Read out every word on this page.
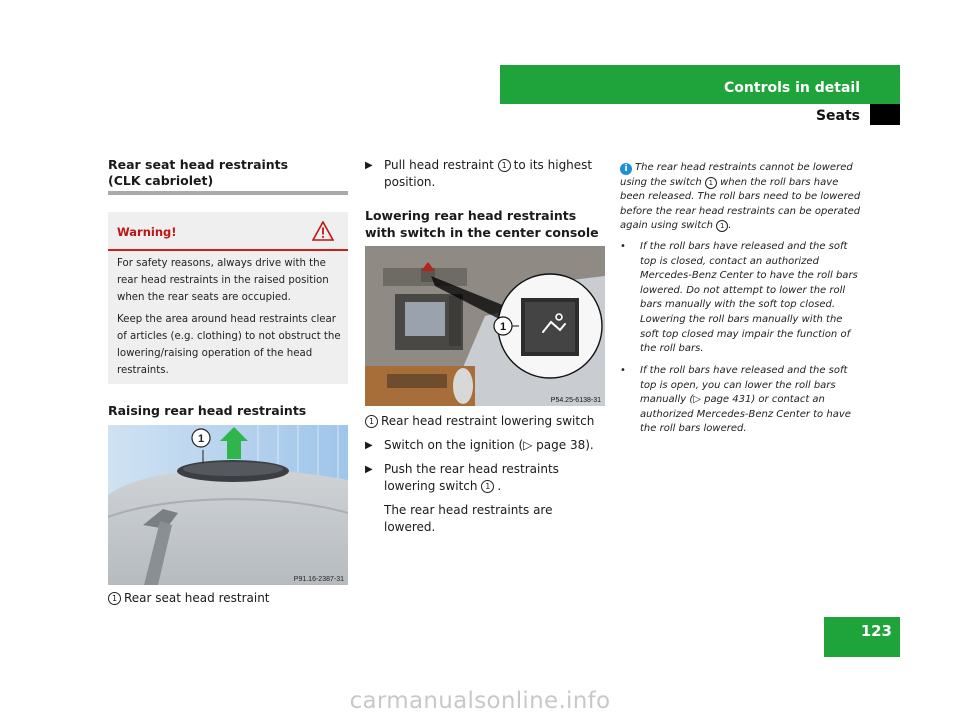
Controls in detail
Seats
123
Rear seat head restraints
(CLK cabriolet)
Warning!
For safety reasons, always drive with the rear head restraints in the raised position when the rear seats are occupied.
Keep the area around head restraints clear of articles (e.g. clothing) to not obstruct the lowering/raising operation of the head restraints.
Raising rear head restraints
1
P91.16-2387-31
1 Rear seat head restraint
▶ Pull head restraint 1 to its highest position.
Lowering rear head restraints with switch in the center console
1
P54.25-6138-31
1 Rear head restraint lowering switch
▶ Switch on the ignition (▷ page 38).
▶ Push the rear head restraints lowering switch 1 .
The rear head restraints are lowered.
i The rear head restraints cannot be lowered using the switch 1 when the roll bars have been released. The roll bars need to be lowered before the rear head restraints can be operated again using switch 1 .
• If the roll bars have released and the soft top is closed, contact an authorized Mercedes-Benz Center to have the roll bars lowered. Do not attempt to lower the roll bars manually with the soft top closed. Lowering the roll bars manually with the soft top closed may impair the function of the roll bars.
• If the roll bars have released and the soft top is open, you can lower the roll bars manually (▷ page 431) or contact an authorized Mercedes-Benz Center to have the roll bars lowered.
carmanualsonline.info
